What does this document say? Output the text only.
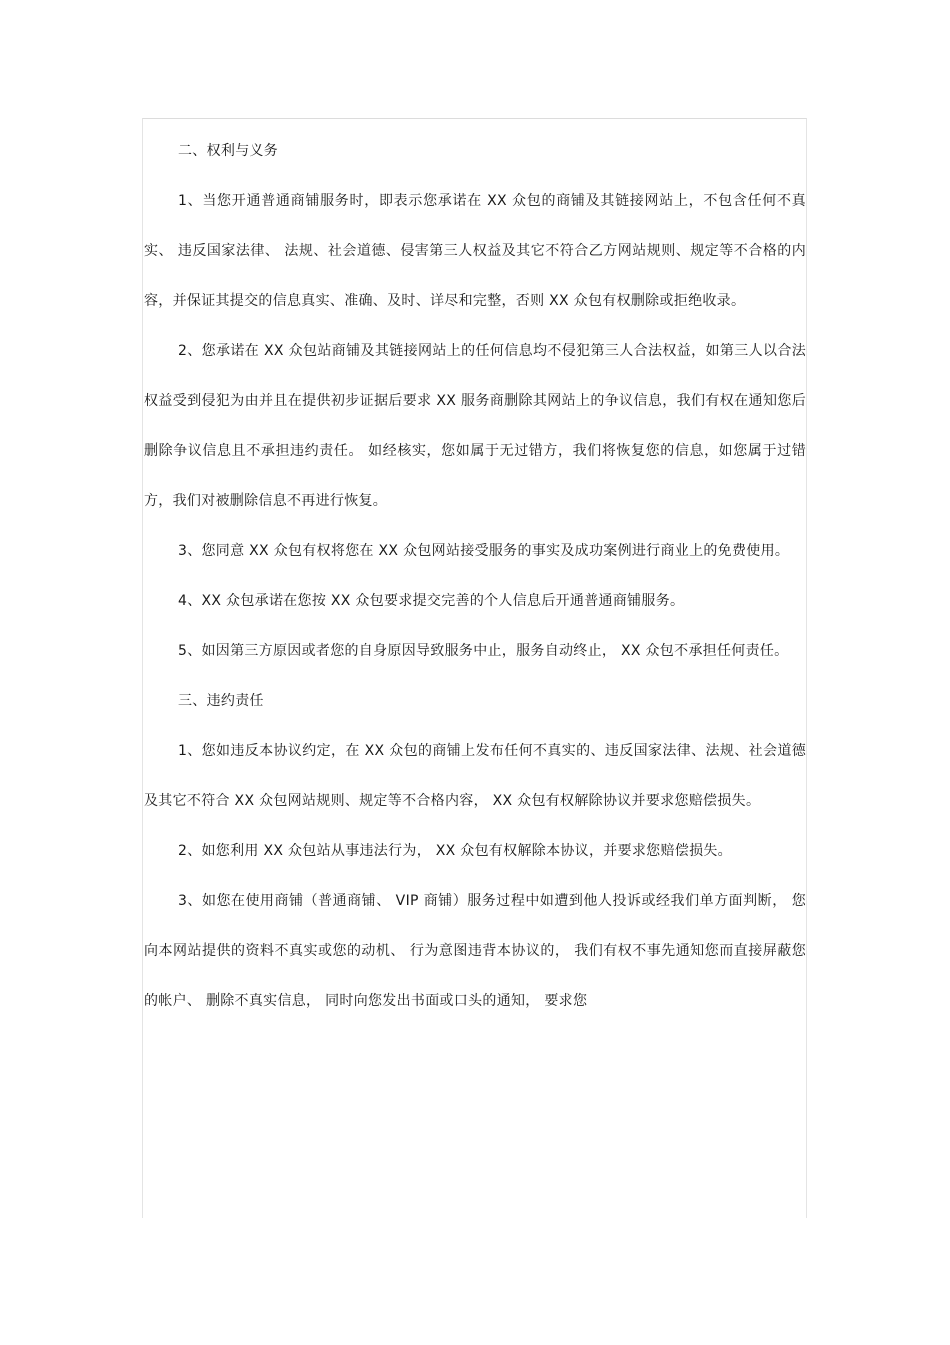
二、权利与义务

1、当您开通普通商铺服务时，即表示您承诺在 XX 众包的商铺及其链接网站上，不包含任何不真实、 违反国家法律、 法规、社会道德、侵害第三人权益及其它不符合乙方网站规则、规定等不合格的内容，并保证其提交的信息真实、准确、及时、详尽和完整，否则 XX 众包有权删除或拒绝收录。

2、您承诺在 XX 众包站商铺及其链接网站上的任何信息均不侵犯第三人合法权益，如第三人以合法权益受到侵犯为由并且在提供初步证据后要求 XX 服务商删除其网站上的争议信息，我们有权在通知您后删除争议信息且不承担违约责任。 如经核实，您如属于无过错方，我们将恢复您的信息，如您属于过错方，我们对被删除信息不再进行恢复。

3、您同意 XX 众包有权将您在 XX 众包网站接受服务的事实及成功案例进行商业上的免费使用。

4、XX 众包承诺在您按 XX 众包要求提交完善的个人信息后开通普通商铺服务。

5、如因第三方原因或者您的自身原因导致服务中止，服务自动终止， XX 众包不承担任何责任。

三、违约责任

1、您如违反本协议约定，在 XX 众包的商铺上发布任何不真实的、违反国家法律、法规、社会道德及其它不符合 XX 众包网站规则、规定等不合格内容， XX 众包有权解除协议并要求您赔偿损失。

2、如您利用 XX 众包站从事违法行为， XX 众包有权解除本协议，并要求您赔偿损失。

3、如您在使用商铺（普通商铺、 VIP 商铺）服务过程中如遭到他人投诉或经我们单方面判断， 您向本网站提供的资料不真实或您的动机、 行为意图违背本协议的， 我们有权不事先通知您而直接屏蔽您的帐户、 删除不真实信息， 同时向您发出书面或口头的通知， 要求您
